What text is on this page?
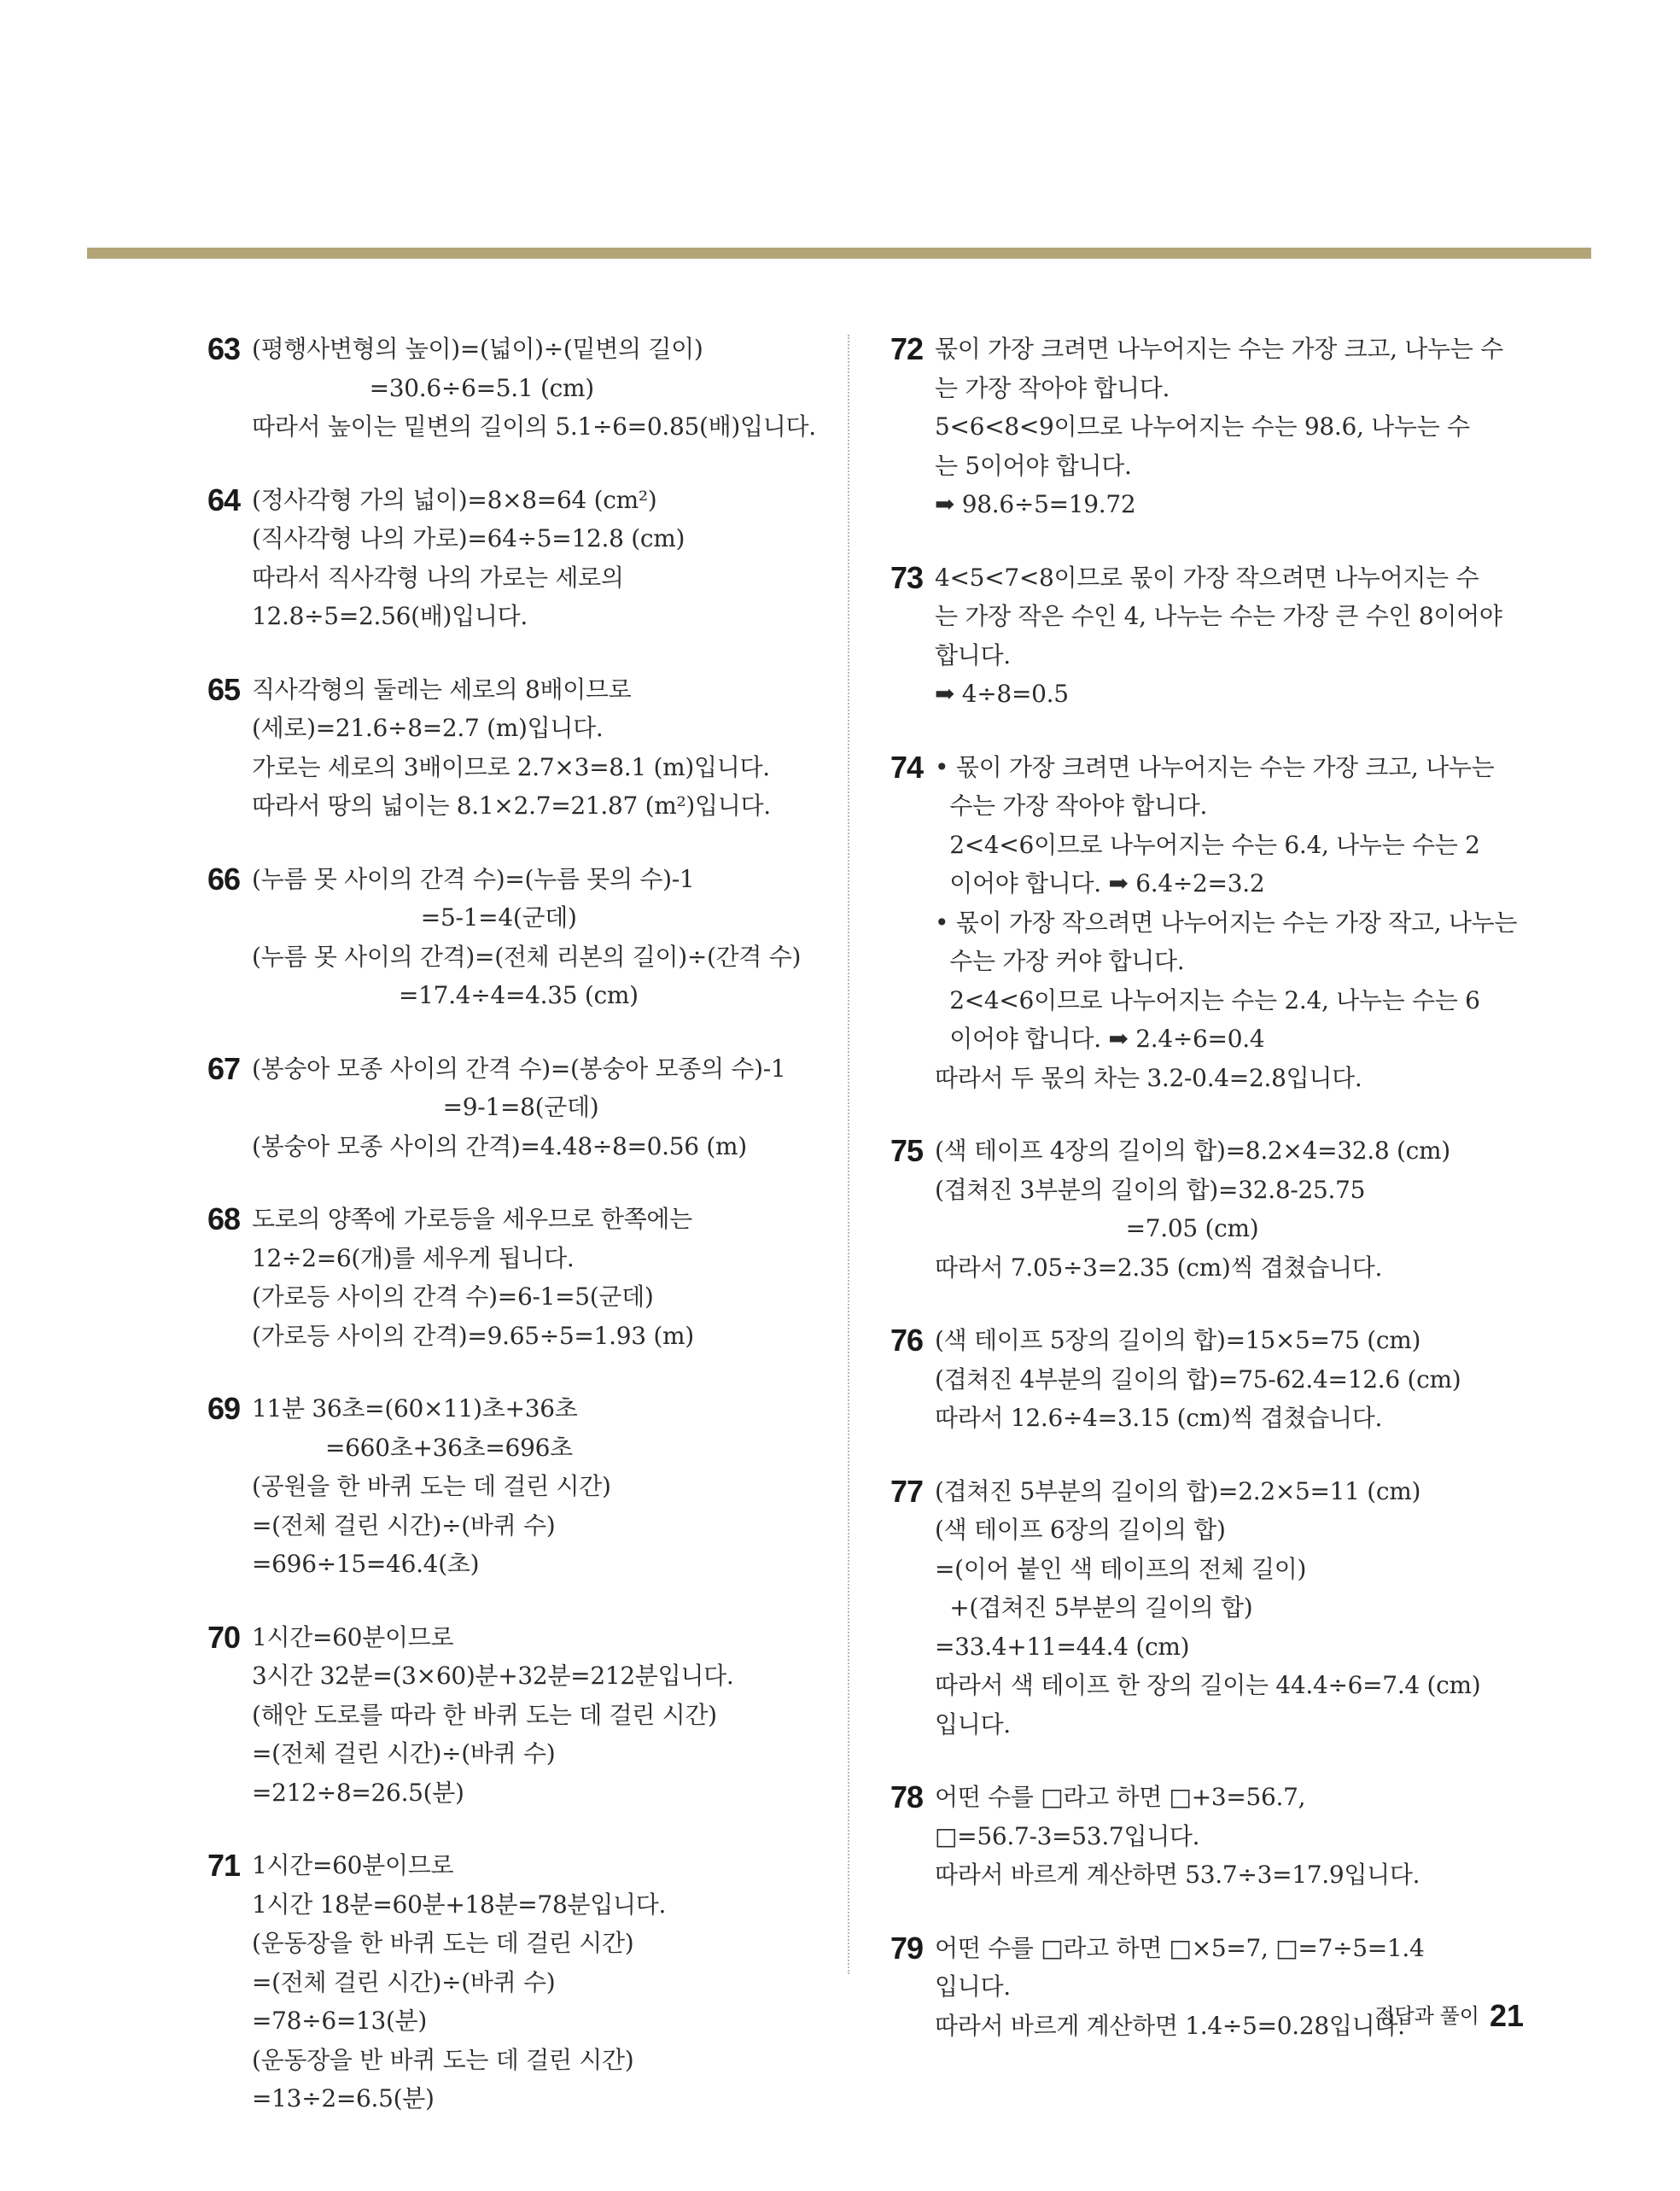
63 (평행사변형의 높이)=(넓이)÷(밑변의 길이)
=30.6÷6=5.1 (cm)
따라서 높이는 밑변의 길이의 5.1÷6=0.85(배)입니다.
64 (정사각형 가의 넓이)=8×8=64 (cm²)
(직사각형 나의 가로)=64÷5=12.8 (cm)
따라서 직사각형 나의 가로는 세로의
12.8÷5=2.56(배)입니다.
65 직사각형의 둘레는 세로의 8배이므로
(세로)=21.6÷8=2.7 (m)입니다.
가로는 세로의 3배이므로 2.7×3=8.1 (m)입니다.
따라서 땅의 넓이는 8.1×2.7=21.87 (m²)입니다.
66 (누름 못 사이의 간격 수)=(누름 못의 수)-1
=5-1=4(군데)
(누름 못 사이의 간격)=(전체 리본의 길이)÷(간격 수)
=17.4÷4=4.35 (cm)
67 (봉숭아 모종 사이의 간격 수)=(봉숭아 모종의 수)-1
=9-1=8(군데)
(봉숭아 모종 사이의 간격)=4.48÷8=0.56 (m)
68 도로의 양쪽에 가로등을 세우므로 한쪽에는
12÷2=6(개)를 세우게 됩니다.
(가로등 사이의 간격 수)=6-1=5(군데)
(가로등 사이의 간격)=9.65÷5=1.93 (m)
69 11분 36초=(60×11)초+36초
=660초+36초=696초
(공원을 한 바퀴 도는 데 걸린 시간)
=(전체 걸린 시간)÷(바퀴 수)
=696÷15=46.4(초)
70 1시간=60분이므로
3시간 32분=(3×60)분+32분=212분입니다.
(해안 도로를 따라 한 바퀴 도는 데 걸린 시간)
=(전체 걸린 시간)÷(바퀴 수)
=212÷8=26.5(분)
71 1시간=60분이므로
1시간 18분=60분+18분=78분입니다.
(운동장을 한 바퀴 도는 데 걸린 시간)
=(전체 걸린 시간)÷(바퀴 수)
=78÷6=13(분)
(운동장을 반 바퀴 도는 데 걸린 시간)
=13÷2=6.5(분)
72 몫이 가장 크려면 나누어지는 수는 가장 크고, 나누는 수
는 가장 작아야 합니다.
5<6<8<9이므로 나누어지는 수는 98.6, 나누는 수
는 5이어야 합니다.
➡ 98.6÷5=19.72
73 4<5<7<8이므로 몫이 가장 작으려면 나누어지는 수
는 가장 작은 수인 4, 나누는 수는 가장 큰 수인 8이어야
합니다.
➡ 4÷8=0.5
74 • 몫이 가장 크려면 나누어지는 수는 가장 크고, 나누는
수는 가장 작아야 합니다.
2<4<6이므로 나누어지는 수는 6.4, 나누는 수는 2
이어야 합니다. ➡ 6.4÷2=3.2
• 몫이 가장 작으려면 나누어지는 수는 가장 작고, 나누는
수는 가장 커야 합니다.
2<4<6이므로 나누어지는 수는 2.4, 나누는 수는 6
이어야 합니다. ➡ 2.4÷6=0.4
따라서 두 몫의 차는 3.2-0.4=2.8입니다.
75 (색 테이프 4장의 길이의 합)=8.2×4=32.8 (cm)
(겹쳐진 3부분의 길이의 합)=32.8-25.75
=7.05 (cm)
따라서 7.05÷3=2.35 (cm)씩 겹쳤습니다.
76 (색 테이프 5장의 길이의 합)=15×5=75 (cm)
(겹쳐진 4부분의 길이의 합)=75-62.4=12.6 (cm)
따라서 12.6÷4=3.15 (cm)씩 겹쳤습니다.
77 (겹쳐진 5부분의 길이의 합)=2.2×5=11 (cm)
(색 테이프 6장의 길이의 합)
=(이어 붙인 색 테이프의 전체 길이)
+(겹쳐진 5부분의 길이의 합)
=33.4+11=44.4 (cm)
따라서 색 테이프 한 장의 길이는 44.4÷6=7.4 (cm)
입니다.
78 어떤 수를 □라고 하면 □+3=56.7,
□=56.7-3=53.7입니다.
따라서 바르게 계산하면 53.7÷3=17.9입니다.
79 어떤 수를 □라고 하면 □×5=7, □=7÷5=1.4
입니다.
따라서 바르게 계산하면 1.4÷5=0.28입니다.
정답과 풀이 21
